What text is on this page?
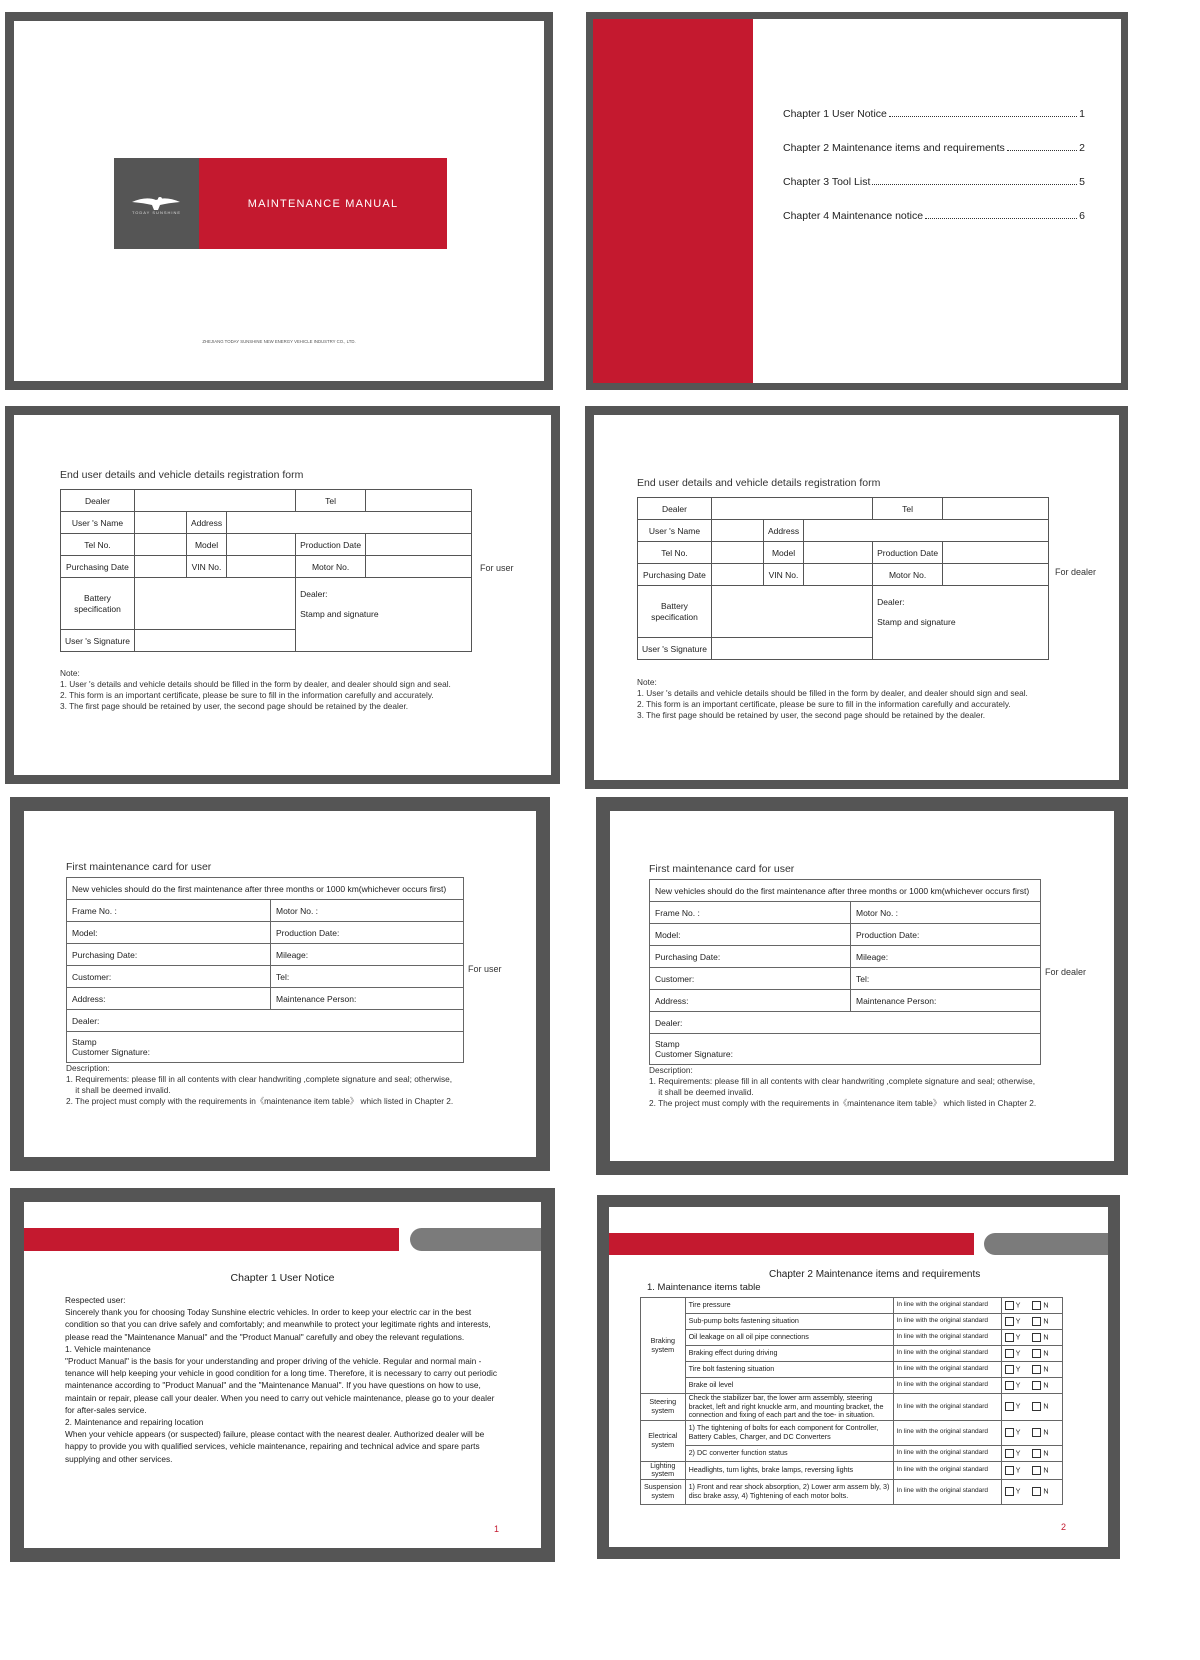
TODAY SUNSHINE
MAINTENANCE MANUAL
ZHEJIANG TODAY SUNSHINE NEW ENERGY VEHICLE INDUSTRY CO., LTD.
Chapter 1 User Notice	1
Chapter 2 Maintenance items and requirements	2
Chapter 3 Tool List	5
Chapter 4 Maintenance notice	6
End user details and vehicle details registration form
Dealer				Tel	
User 's Name		Address			
Tel No.		Model		Production Date	
Purchasing Date		VIN No.		Motor No.	
Battery specification				Dealer:
Stamp and signature	

User 's Signature					
For user
Note:
1. User 's details and vehicle details should be filled in the form by dealer, and dealer should sign and seal.
2. This form is an important certificate, please be sure to fill in the information carefully and accurately.
3. The first page should be retained by user, the second page should be retained by the dealer.
End user details and vehicle details registration form
Dealer				Tel	
User 's Name		Address			
Tel No.		Model		Production Date	
Purchasing Date		VIN No.		Motor No.	
Battery specification				Dealer:
Stamp and signature	

User 's Signature					
For dealer
Note:
1. User 's details and vehicle details should be filled in the form by dealer, and dealer should sign and seal.
2. This form is an important certificate, please be sure to fill in the information carefully and accurately.
3. The first page should be retained by user, the second page should be retained by the dealer.
First maintenance card for user
New vehicles should do the first maintenance after three months or 1000 km(whichever occurs first)	
Frame No. :	Motor No. :
Model:	Production Date:
Purchasing Date:	Mileage:
Customer:	Tel:
Address:	Maintenance Person:
Dealer:	

Stamp
Customer Signature:	
For user
Description:
1. Requirements: please fill in all contents with clear handwriting ,complete signature and seal; otherwise,
it shall be deemed invalid.
2. The project must comply with the requirements in《maintenance item table》 which listed in Chapter 2.
First maintenance card for user
New vehicles should do the first maintenance after three months or 1000 km(whichever occurs first)	
Frame No. :	Motor No. :
Model:	Production Date:
Purchasing Date:	Mileage:
Customer:	Tel:
Address:	Maintenance Person:
Dealer:	

Stamp
Customer Signature:	
For dealer
Description:
1. Requirements: please fill in all contents with clear handwriting ,complete signature and seal; otherwise,
it shall be deemed invalid.
2. The project must comply with the requirements in《maintenance item table》 which listed in Chapter 2.
Chapter 1 User Notice
Respected user:
Sincerely thank you for choosing Today Sunshine electric vehicles. In order to keep your electric car in the best condition so that you can drive safely and comfortably; and meanwhile to protect your legitimate rights and interests, please read the "Maintenance Manual" and the "Product Manual" carefully and obey the relevant regulations.
1. Vehicle maintenance
"Product Manual" is the basis for your understanding and proper driving of the vehicle. Regular and normal main -tenance will help keeping your vehicle in good condition for a long time. Therefore, it is necessary to carry out periodic maintenance according to "Product Manual" and the "Maintenance Manual". If you have questions on how to use, maintain or repair, please call your dealer. When you need to carry out vehicle maintenance, please go to your dealer for after-sales service.
2. Maintenance and repairing location
When your vehicle appears (or suspected) failure, please contact with the nearest dealer. Authorized dealer will be happy to provide you with qualified services, vehicle maintenance, repairing and technical advice and spare parts supplying and other services.
1
Chapter 2 Maintenance items and requirements
1. Maintenance items table
Braking system	Tire pressure	In line with the original standard	Y N
	Sub-pump bolts fastening situation	In line with the original standard	Y N
	Oil leakage on all oil pipe connections	In line with the original standard	Y N
	Braking effect during driving	In line with the original standard	Y N
	Tire bolt fastening situation	In line with the original standard	Y N
	Brake oil level	In line with the original standard	Y N
Steering system	Check the stabilizer bar, the lower arm assembly, steering bracket, left and right knuckle arm, and mounting bracket, the connection and fixing of each part and the toe- in situation.	In line with the original standard	Y N
Electrical system	1) The tightening of bolts for each component for Controller, Battery Cables, Charger, and DC Converters	In line with the original standard	Y N
	2) DC converter function status	In line with the original standard	Y N
Lighting system	Headlights, turn lights, brake lamps, reversing lights	In line with the original standard	Y N
Suspension system	1) Front and rear shock absorption, 2) Lower arm assem bly, 3) disc brake assy, 4) Tightening of each motor bolts.	In line with the original standard	Y N
2
